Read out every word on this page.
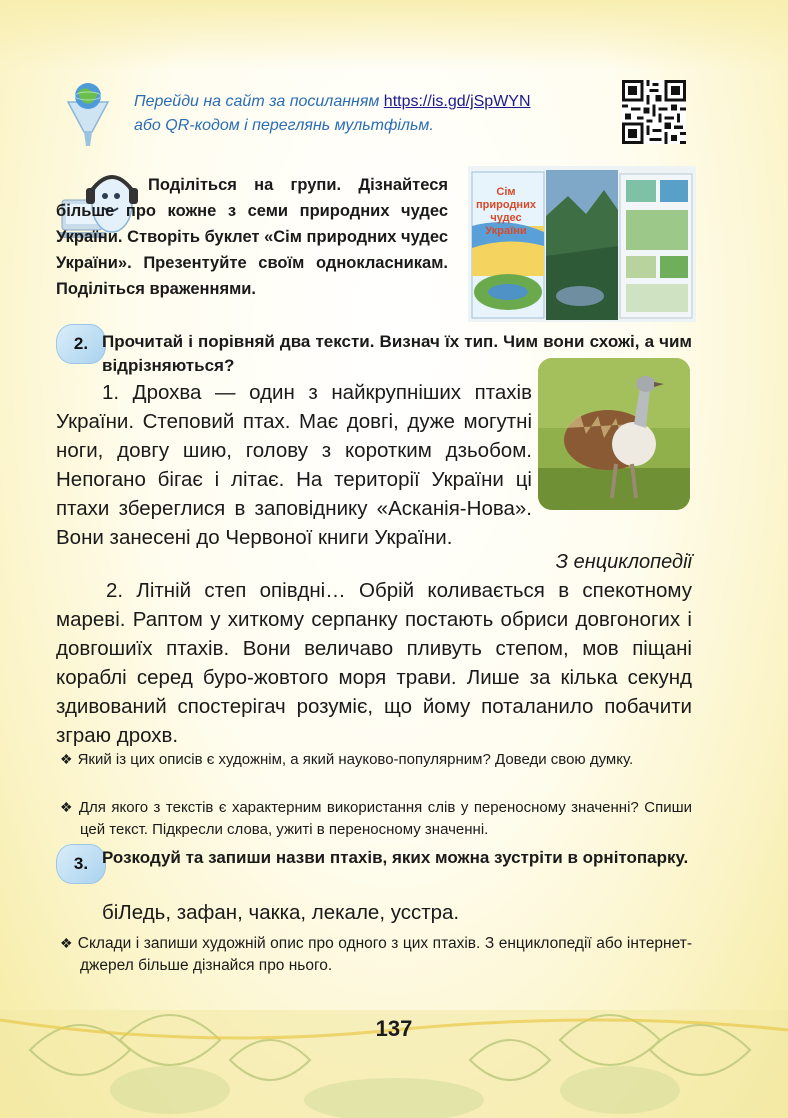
Перейди на сайт за посиланням https://is.gd/jSpWYN
або QR-кодом і переглянь мультфільм.
Поділіться на групи. Дізнайтеся більше про кожне з семи природних чудес України. Створіть буклет «Сім природних чудес України». Презентуйте своїм однокласникам. Поділіться враженнями.
Сім природних чудес України
2. Прочитай і порівняй два тексти. Визнач їх тип. Чим вони схожі, а чим відрізняються?
1. Дрохва — один з найкрупніших птахів України. Степовий птах. Має довгі, дуже могутні ноги, довгу шию, голову з коротким дзьобом. Непогано бігає і літає. На території України ці птахи збереглися в заповіднику «Асканія-Нова». Вони занесені до Червоної книги України.
З енциклопедії
2. Літній степ опівдні… Обрій коливається в спекотному мареві. Раптом у хиткому серпанку постають обриси довгоногих і довгошиїх птахів. Вони величаво пливуть степом, мов піщані кораблі серед буро-жовтого моря трави. Лише за кілька секунд здивований спостерігач розуміє, що йому поталанило побачити зграю дрохв.
❖ Який із цих описів є художнім, а який науково-популярним? Доведи свою думку.
❖ Для якого з текстів є характерним використання слів у переносному значенні? Спиши цей текст. Підкресли слова, ужиті в переносному значенні.
3. Розкодуй та запиши назви птахів, яких можна зустріти в орнітопарку.
біЛедь, зафан, чакка, лекале, усстра.
❖ Склади і запиши художній опис про одного з цих птахів. З енциклопедії або інтернет-джерел більше дізнайся про нього.
137
